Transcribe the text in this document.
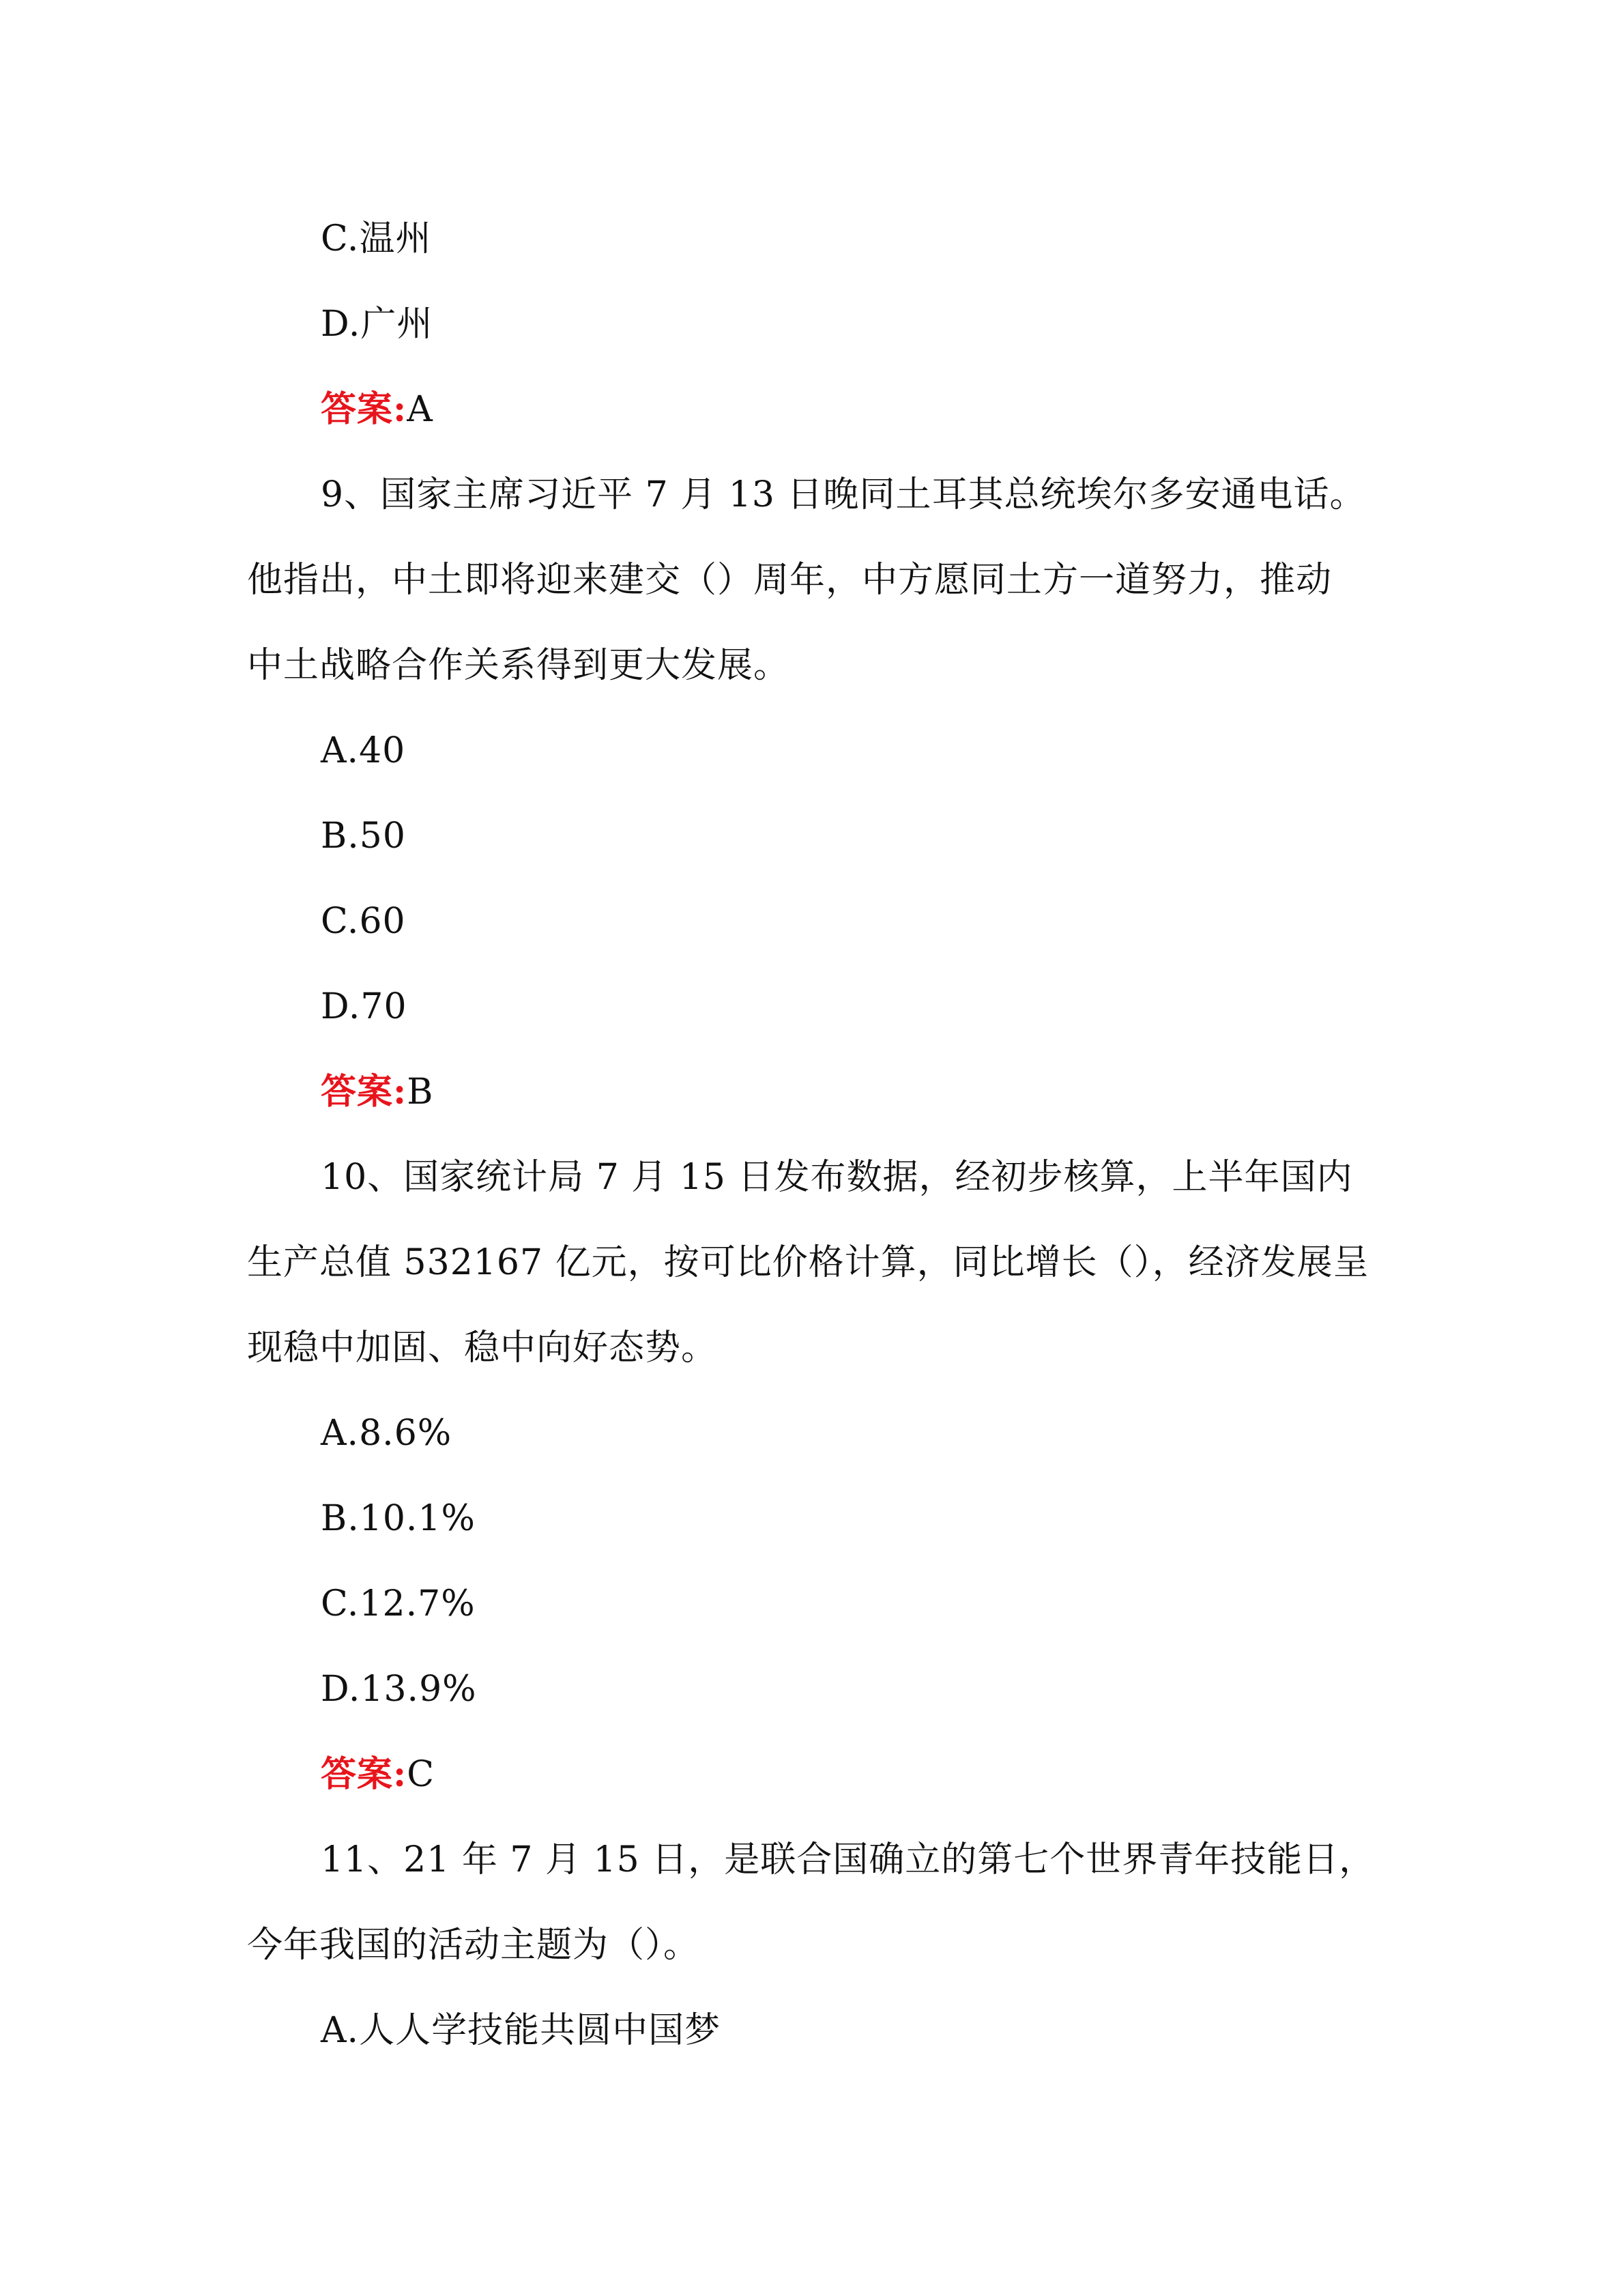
C.温州
D.广州
答案:A
9、国家主席习近平 7 月 13 日晚同土耳其总统埃尔多安通电话。
他指出，中土即将迎来建交（）周年，中方愿同土方一道努力，推动
中土战略合作关系得到更大发展。
A.40
B.50
C.60
D.70
答案:B
10、国家统计局 7 月 15 日发布数据，经初步核算，上半年国内
生产总值 532167 亿元，按可比价格计算，同比增长（），经济发展呈
现稳中加固、稳中向好态势。
A.8.6%
B.10.1%
C.12.7%
D.13.9%
答案:C
11、21 年 7 月 15 日，是联合国确立的第七个世界青年技能日，
今年我国的活动主题为（）。
A.人人学技能共圆中国梦
